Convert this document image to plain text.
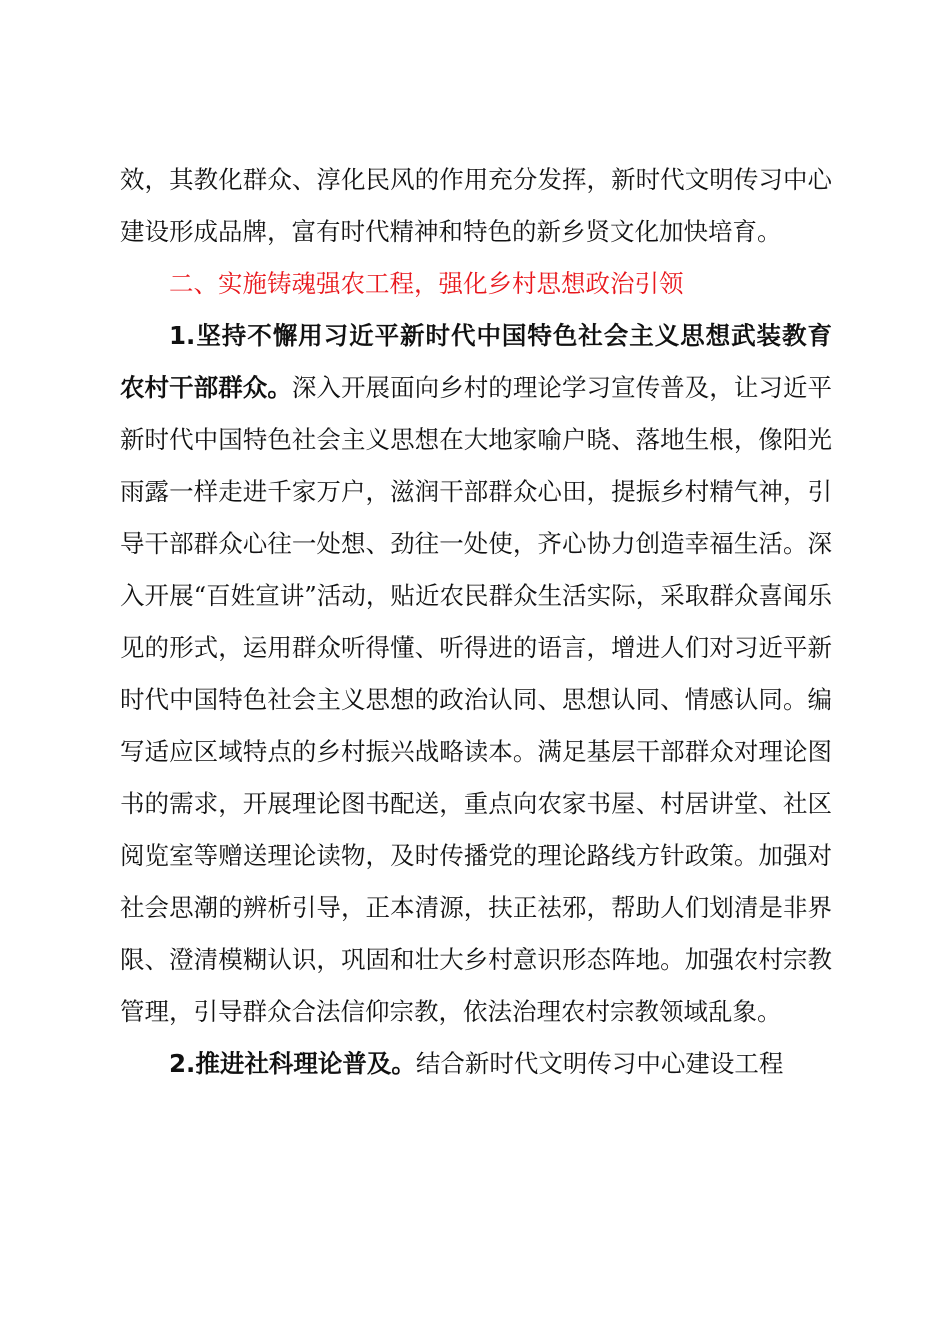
效，其教化群众、淳化民风的作用充分发挥，新时代文明传习中心建设形成品牌，富有时代精神和特色的新乡贤文化加快培育。

二、实施铸魂强农工程，强化乡村思想政治引领

1.坚持不懈用习近平新时代中国特色社会主义思想武装教育农村干部群众。深入开展面向乡村的理论学习宣传普及，让习近平新时代中国特色社会主义思想在大地家喻户晓、落地生根，像阳光雨露一样走进千家万户，滋润干部群众心田，提振乡村精气神，引导干部群众心往一处想、劲往一处使，齐心协力创造幸福生活。深入开展“百姓宣讲”活动，贴近农民群众生活实际，采取群众喜闻乐见的形式，运用群众听得懂、听得进的语言，增进人们对习近平新时代中国特色社会主义思想的政治认同、思想认同、情感认同。编写适应区域特点的乡村振兴战略读本。满足基层干部群众对理论图书的需求，开展理论图书配送，重点向农家书屋、村居讲堂、社区阅览室等赠送理论读物，及时传播党的理论路线方针政策。加强对社会思潮的辨析引导，正本清源，扶正祛邪，帮助人们划清是非界限、澄清模糊认识，巩固和壮大乡村意识形态阵地。加强农村宗教管理，引导群众合法信仰宗教，依法治理农村宗教领域乱象。

2.推进社科理论普及。结合新时代文明传习中心建设工程
